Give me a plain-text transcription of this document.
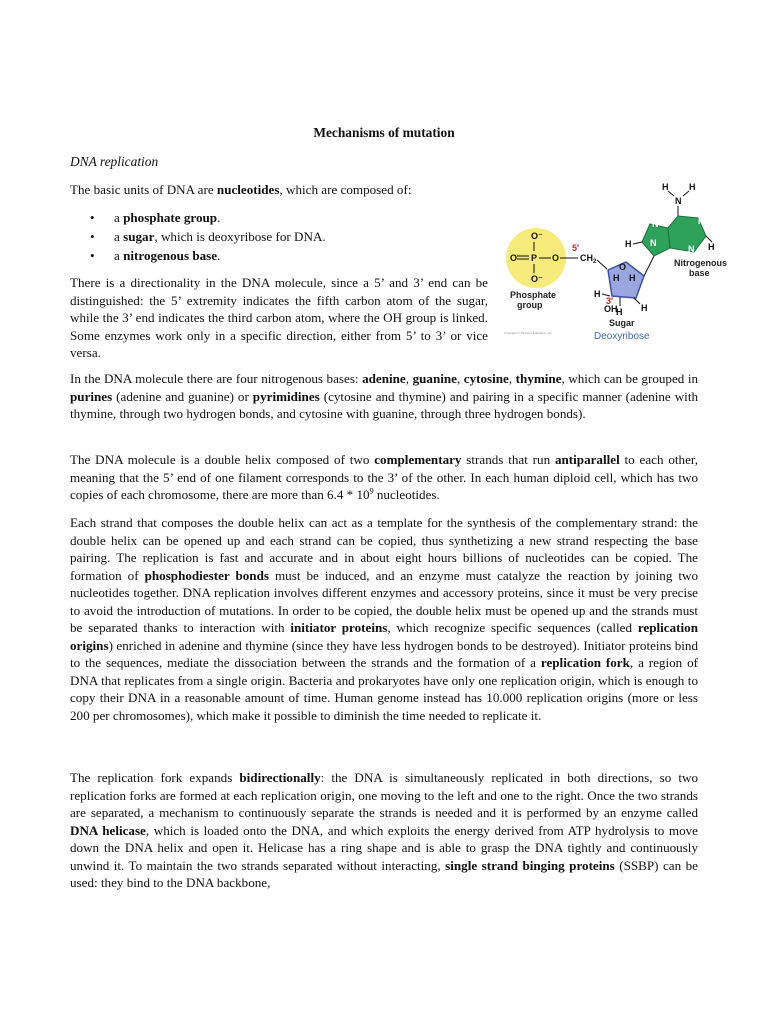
Mechanisms of mutation

DNA replication

The basic units of DNA are nucleotides, which are composed of:

• a phosphate group.
• a sugar, which is deoxyribose for DNA.
• a nitrogenous base.

There is a directionality in the DNA molecule, since a 5’ and 3’ end can be distinguished: the 5’ extremity indicates the fifth carbon atom of the sugar, while the 3’ end indicates the third carbon atom, where the OH group is linked. Some enzymes work only in a specific direction, either from 5’ to 3’ or vice versa.

O⁻
O P O
O⁻
Phosphate
group
5′
$CH_2$	O
H H
H
3′
H
H
OH
Sugar
Deoxyribose
Copyright © Pearson Education, Inc.
N
N	N
N
H	H
N
H H
Nitrogenous
base

In the DNA molecule there are four nitrogenous bases: adenine, guanine, cytosine, thymine, which can be grouped in purines (adenine and guanine) or pyrimidines (cytosine and thymine) and pairing in a specific manner (adenine with thymine, through two hydrogen bonds, and cytosine with guanine, through three hydrogen bonds).

The DNA molecule is a double helix composed of two complementary strands that run antiparallel to each other, meaning that the 5’ end of one filament corresponds to the 3’ of the other. In each human diploid cell, which has two copies of each chromosome, there are more than $6.4 * 10^9$ nucleotides.

Each strand that composes the double helix can act as a template for the synthesis of the complementary strand: the double helix can be opened up and each strand can be copied, thus synthetizing a new strand respecting the base pairing. The replication is fast and accurate and in about eight hours billions of nucleotides can be copied. The formation of phosphodiester bonds must be induced, and an enzyme must catalyze the reaction by joining two nucleotides together. DNA replication involves different enzymes and accessory proteins, since it must be very precise to avoid the introduction of mutations. In order to be copied, the double helix must be opened up and the strands must be separated thanks to interaction with initiator proteins, which recognize specific sequences (called replication origins) enriched in adenine and thymine (since they have less hydrogen bonds to be destroyed). Initiator proteins bind to the sequences, mediate the dissociation between the strands and the formation of a replication fork, a region of DNA that replicates from a single origin. Bacteria and prokaryotes have only one replication origin, which is enough to copy their DNA in a reasonable amount of time. Human genome instead has 10.000 replication origins (more or less 200 per chromosomes), which make it possible to diminish the time needed to replicate it.

The replication fork expands bidirectionally: the DNA is simultaneously replicated in both directions, so two replication forks are formed at each replication origin, one moving to the left and one to the right. Once the two strands are separated, a mechanism to continuously separate the strands is needed and it is performed by an enzyme called DNA helicase, which is loaded onto the DNA, and which exploits the energy derived from ATP hydrolysis to move down the DNA helix and open it. Helicase has a ring shape and is able to grasp the DNA tightly and continuously unwind it. To maintain the two strands separated without interacting, single strand binging proteins (SSBP) can be used: they bind to the DNA backbone,
